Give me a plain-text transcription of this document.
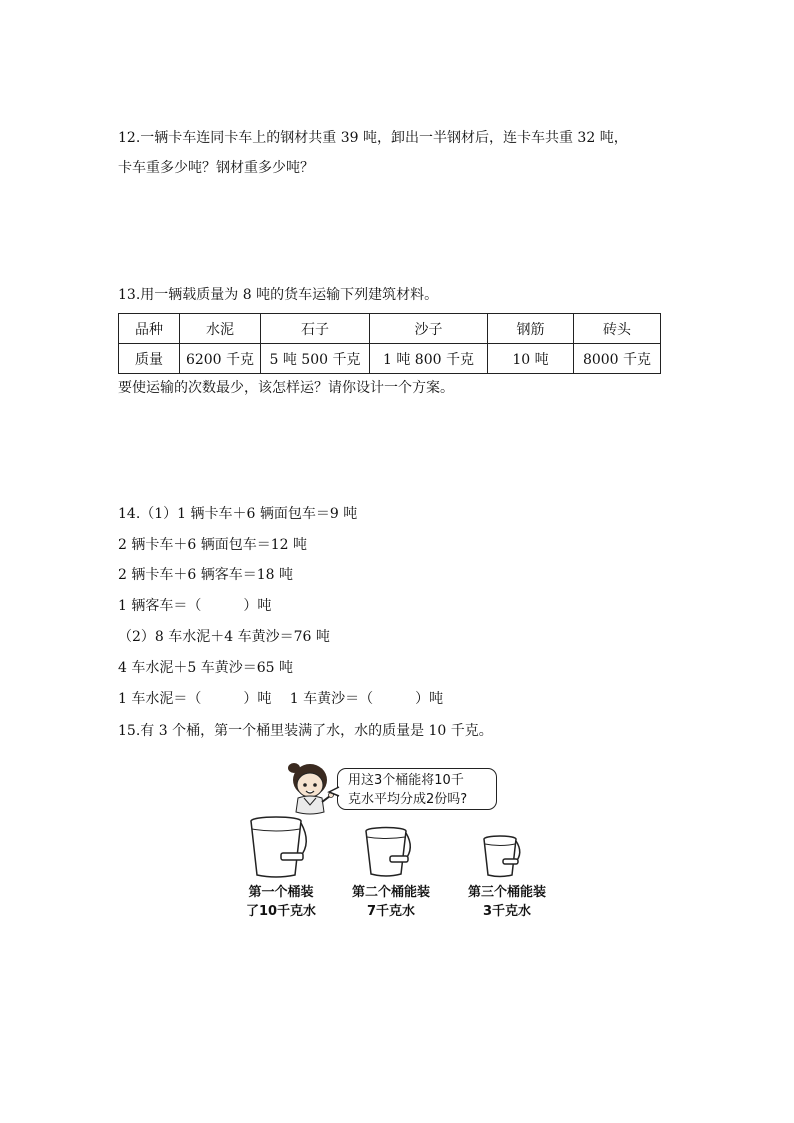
12.一辆卡车连同卡车上的钢材共重 39 吨，卸出一半钢材后，连卡车共重 32 吨，
卡车重多少吨？钢材重多少吨？
13.用一辆载质量为 8 吨的货车运输下列建筑材料。
品种	水泥	石子	沙子	钢筋	砖头
质量	6200 千克	5 吨 500 千克	1 吨 800 千克	10 吨	8000 千克
要使运输的次数最少，该怎样运？请你设计一个方案。
14.（1）1 辆卡车＋6 辆面包车＝9 吨
2 辆卡车＋6 辆面包车＝12 吨
2 辆卡车＋6 辆客车＝18 吨
1 辆客车＝（　　　）吨
（2）8 车水泥＋4 车黄沙＝76 吨
4 车水泥＋5 车黄沙＝65 吨
1 车水泥＝（　　　）吨　 1 车黄沙＝（　　　）吨
15.有 3 个桶，第一个桶里装满了水，水的质量是 10 千克。
用这3个桶能将10千
克水平均分成2份吗?
第一个桶装
了10千克水
第二个桶能装
7千克水
第三个桶能装
3千克水
